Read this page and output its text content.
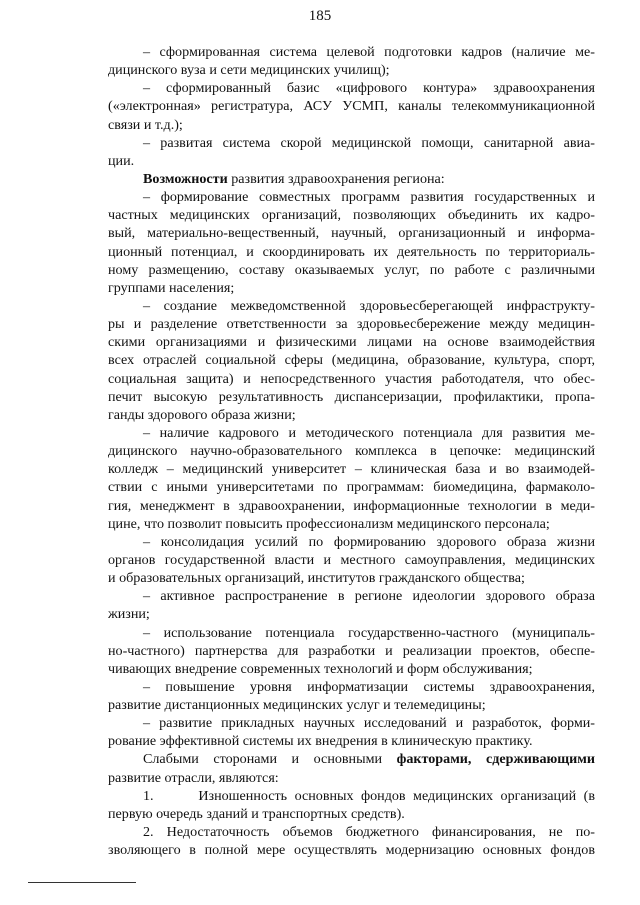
185
– сформированная система целевой подготовки кадров (наличие ме-
дицинского вуза и сети медицинских училищ);
– сформированный базис «цифрового контура» здравоохранения
(«электронная» регистратура, АСУ УСМП, каналы телекоммуникационной
связи и т.д.);
– развитая система скорой медицинской помощи, санитарной авиа-
ции.
Возможности развития здравоохранения региона:
– формирование совместных программ развития государственных и
частных медицинских организаций, позволяющих объединить их кадро-
вый, материально-вещественный, научный, организационный и информа-
ционный потенциал, и скоординировать их деятельность по территориаль-
ному размещению, составу оказываемых услуг, по работе с различными
группами населения;
– создание межведомственной здоровьесберегающей инфраструкту-
ры и разделение ответственности за здоровьесбережение между медицин-
скими организациями и физическими лицами на основе взаимодействия
всех отраслей социальной сферы (медицина, образование, культура, спорт,
социальная защита) и непосредственного участия работодателя, что обес-
печит высокую результативность диспансеризации, профилактики, пропа-
ганды здорового образа жизни;
– наличие кадрового и методического потенциала для развития ме-
дицинского научно-образовательного комплекса в цепочке: медицинский
колледж – медицинский университет – клиническая база и во взаимодей-
ствии с иными университетами по программам: биомедицина, фармаколо-
гия, менеджмент в здравоохранении, информационные технологии в меди-
цине, что позволит повысить профессионализм медицинского персонала;
– консолидация усилий по формированию здорового образа жизни
органов государственной власти и местного самоуправления, медицинских
и образовательных организаций, институтов гражданского общества;
– активное распространение в регионе идеологии здорового образа
жизни;
– использование потенциала государственно-частного (муниципаль-
но-частного) партнерства для разработки и реализации проектов, обеспе-
чивающих внедрение современных технологий и форм обслуживания;
– повышение уровня информатизации системы здравоохранения,
развитие дистанционных медицинских услуг и телемедицины;
– развитие прикладных научных исследований и разработок, форми-
рование эффективной системы их внедрения в клиническую практику.
Слабыми сторонами и основными факторами, сдерживающими
развитие отрасли, являются:
1.	Изношенность основных фондов медицинских организаций (в
первую очередь зданий и транспортных средств).
2. Недостаточность объемов бюджетного финансирования, не по-
зволяющего в полной мере осуществлять модернизацию основных фондов
